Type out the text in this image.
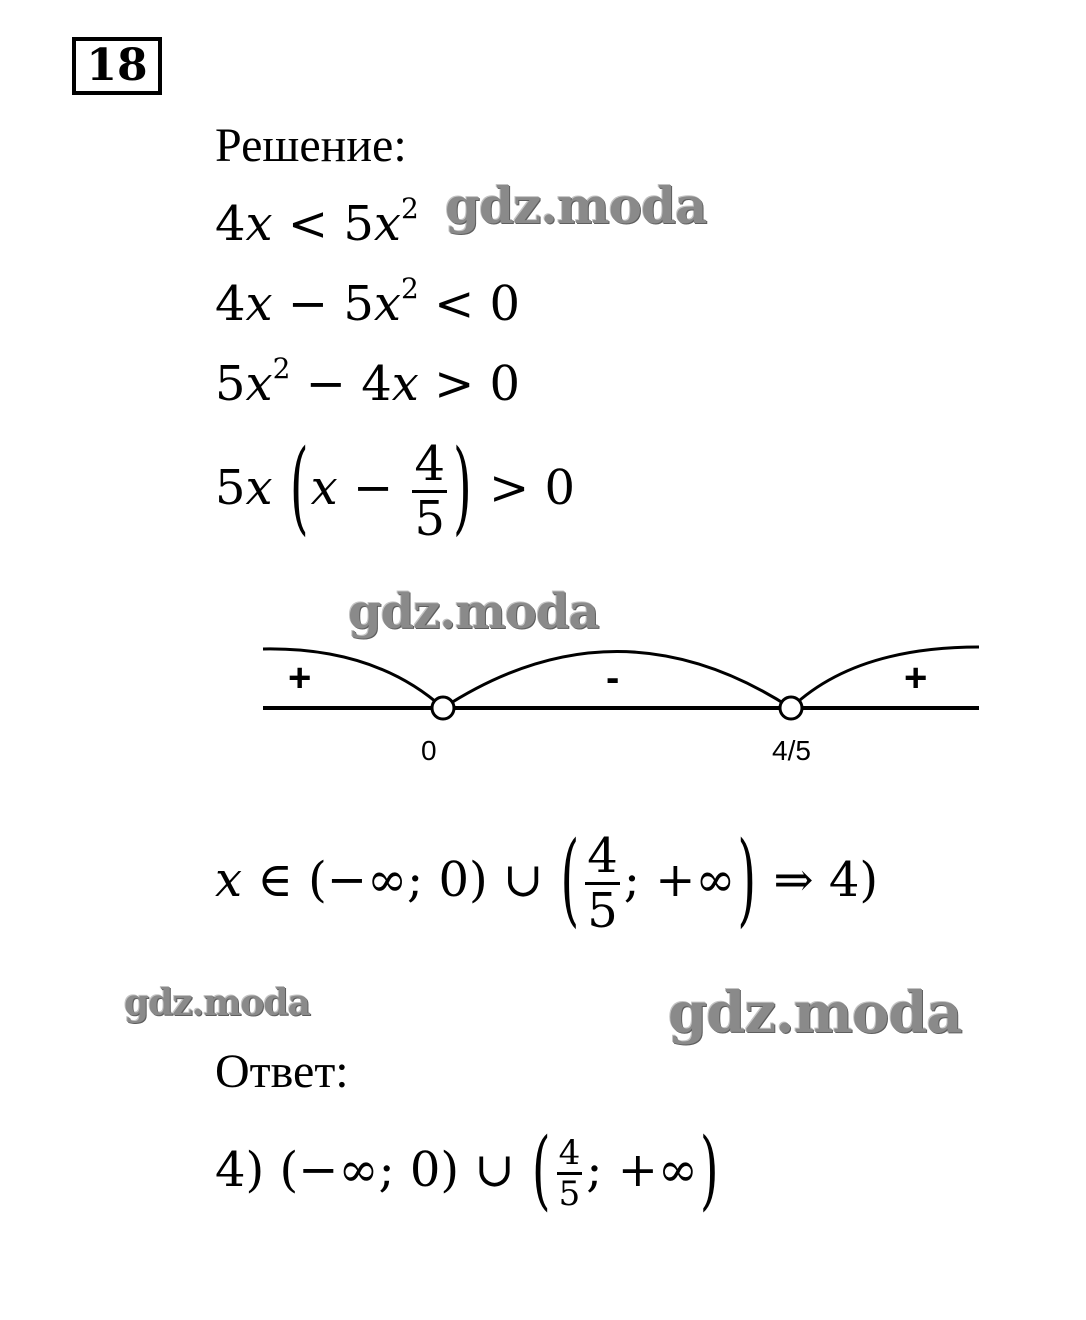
18
Решение:
$4x < 5x^2$
$4x - 5x^2 < 0$
$5x^2 - 4x > 0$
5x ($x - \frac{4}{5}$ ) > 0
gdz.moda
gdz.moda
+	-	+
0	4/5
x ∈ (−∞; 0) ∪ ( $\frac{4}{5}$ ; +∞) ⇒ 4)
gdz.moda	gdz.moda
Ответ:
4) (−∞; 0) ∪ ( $\frac{4}{5}$ ; +∞)
